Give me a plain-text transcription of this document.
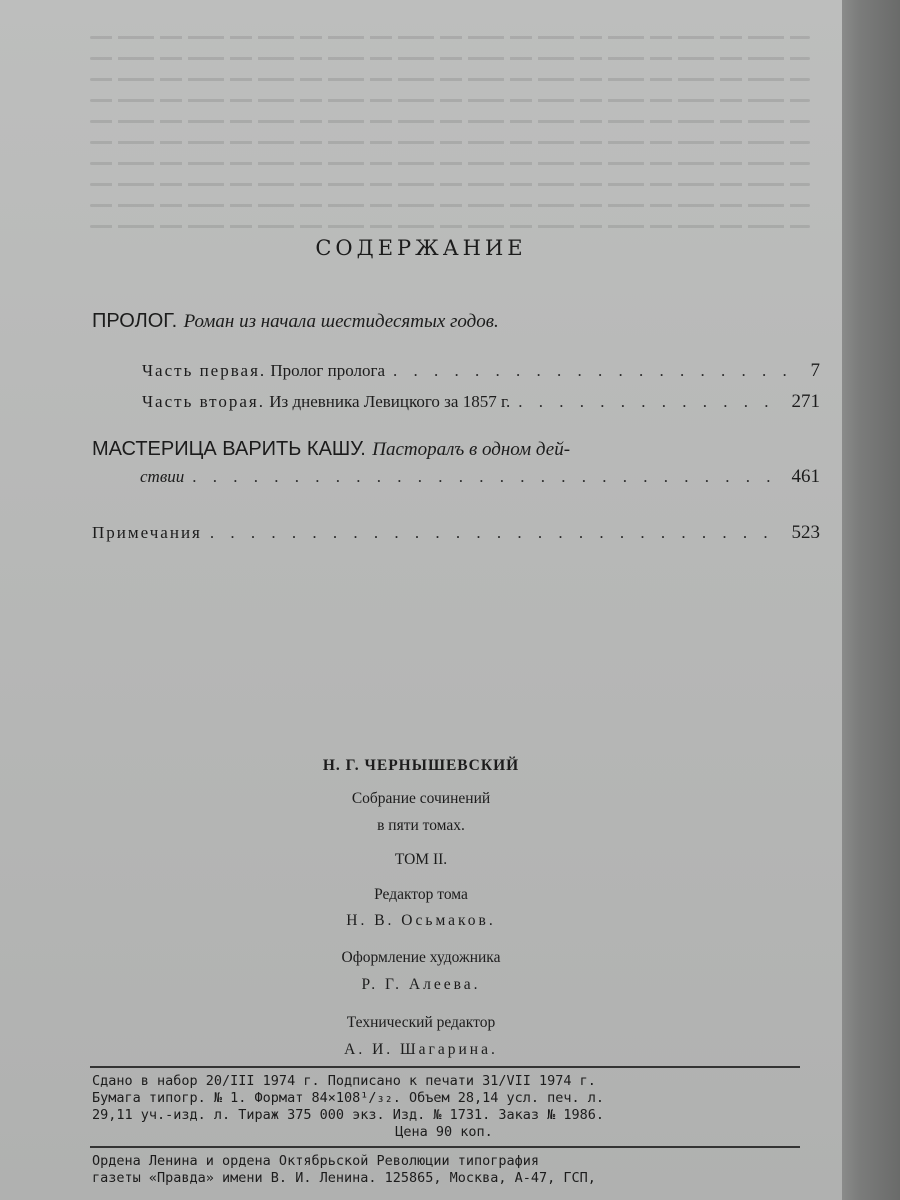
СОДЕРЖАНИЕ
ПРОЛОГ. Роман из начала шестидесятых годов.
Часть первая. Пролог пролога . . .	7
Часть вторая. Из дневника Левицкого за 1857 г. . . .	271
МАСТЕРИЦА ВАРИТЬ КАШУ. Пасторалъ в одном дей-
ствии . . .	461
Примечания . . .	523
Н. Г. ЧЕРНЫШЕВСКИЙ
Собрание сочинений
в пяти томах.
ТОМ II.
Редактор тома
Н. В. Осьмаков.
Оформление художника
Р. Г. Алеева.
Технический редактор
А. И. Шагарина.
Сдано в набор 20/III 1974 г. Подписано к печати 31/VII 1974 г.
Бумага типогр. № 1. Формат 84×108¹/₃₂. Объем 28,14 усл. печ. л.
29,11 уч.-изд. л. Тираж 375 000 экз. Изд. № 1731. Заказ № 1986.
Цена 90 коп.
Ордена Ленина и ордена Октябрьской Революции типография
газеты «Правда» имени В. И. Ленина. 125865, Москва, А-47, ГСП,
